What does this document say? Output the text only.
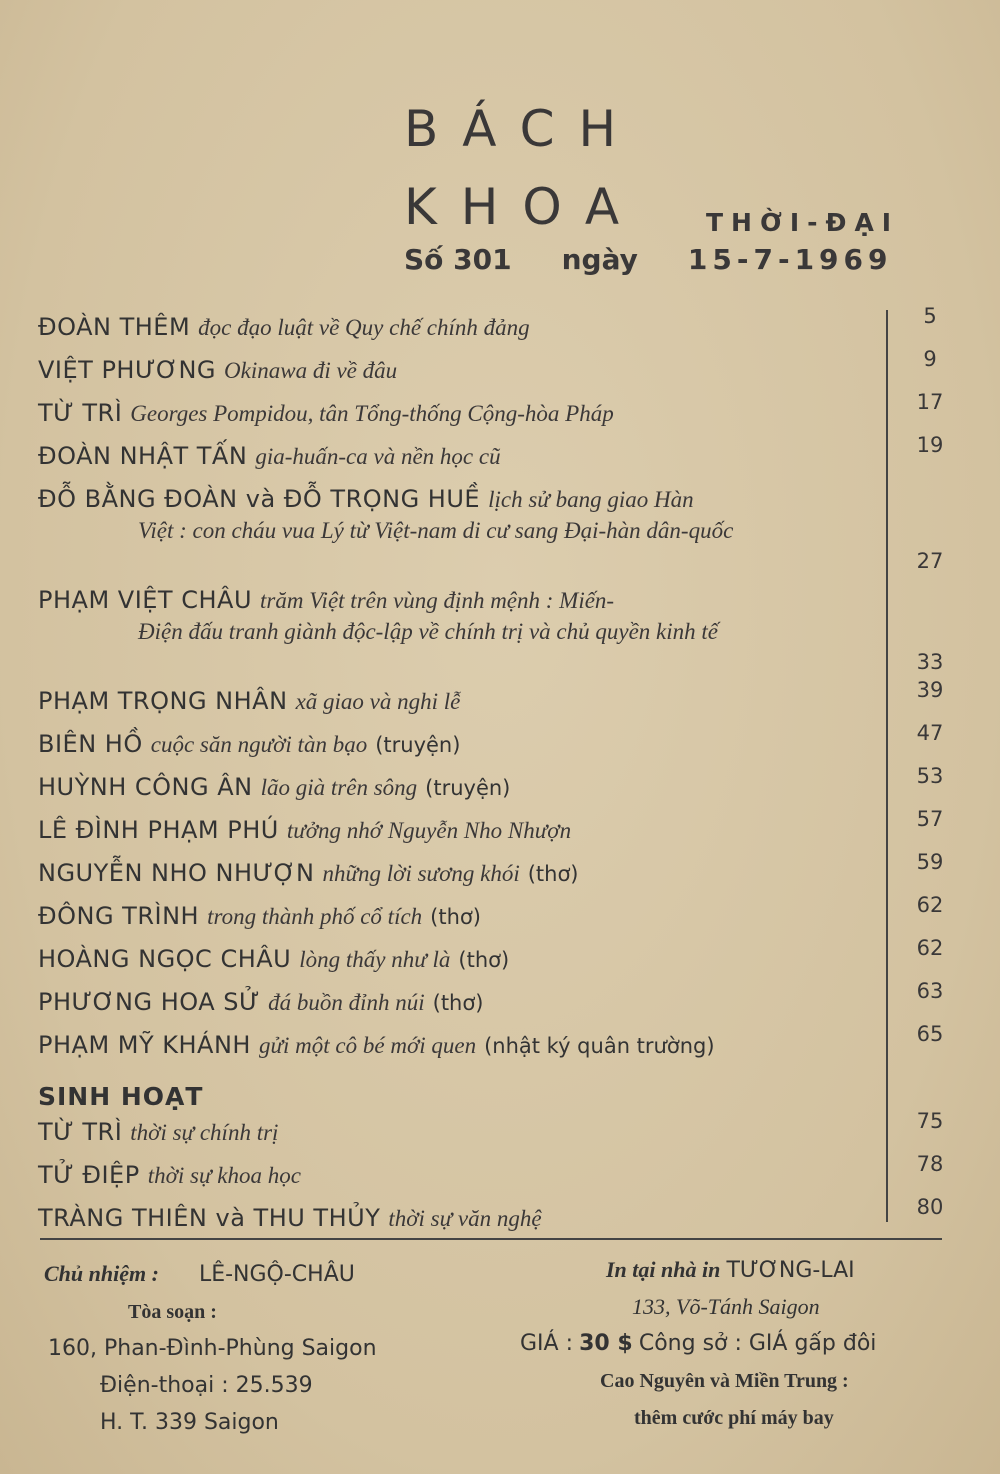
BÁCH
KHOA	THỜI-ĐẠI
Số 301 ngày 15-7-1969
ĐOÀN THÊM đọc đạo luật về Quy chế chính đảng
VIỆT PHƯƠNG Okinawa đi về đâu
TỪ TRÌ Georges Pompidou, tân Tổng-thống Cộng-hòa Pháp
ĐOÀN NHẬT TẤN gia-huấn-ca và nền học cũ
ĐỖ BẰNG ĐOÀN và ĐỖ TRỌNG HUỀ lịch sử bang giao Hàn
Việt : con cháu vua Lý từ Việt-nam di cư sang Đại-hàn dân-quốc
PHẠM VIỆT CHÂU trăm Việt trên vùng định mệnh : Miến-
Điện đấu tranh giành độc-lập về chính trị và chủ quyền kinh tế
PHẠM TRỌNG NHÂN xã giao và nghi lễ
BIÊN HỒ cuộc săn người tàn bạo (truyện)
HUỲNH CÔNG ÂN lão già trên sông (truyện)
LÊ ĐÌNH PHẠM PHÚ tưởng nhớ Nguyễn Nho Nhượn
NGUYỄN NHO NHƯỢN những lời sương khói (thơ)
ĐÔNG TRÌNH trong thành phố cổ tích (thơ)
HOÀNG NGỌC CHÂU lòng thấy như là (thơ)
PHƯƠNG HOA SỬ đá buồn đỉnh núi (thơ)
PHẠM MỸ KHÁNH gửi một cô bé mới quen (nhật ký quân trường)
SINH HOẠT
TỪ TRÌ thời sự chính trị
TỬ ĐIỆP thời sự khoa học
TRÀNG THIÊN và THU THỦY thời sự văn nghệ
5
9
17
19
27
33
39
47
53
57
59
62
62
63
65
75
78
80
Chủ nhiệm : LÊ-NGỘ-CHÂU
Tòa soạn :
160, Phan-Đình-Phùng Saigon
Điện-thoại : 25.539
H. T. 339 Saigon
In tại nhà in TƯƠNG-LAI
133, Võ-Tánh Saigon
GIÁ : 30 $ Công sở : GIÁ gấp đôi
Cao Nguyên và Miền Trung :
thêm cước phí máy bay
